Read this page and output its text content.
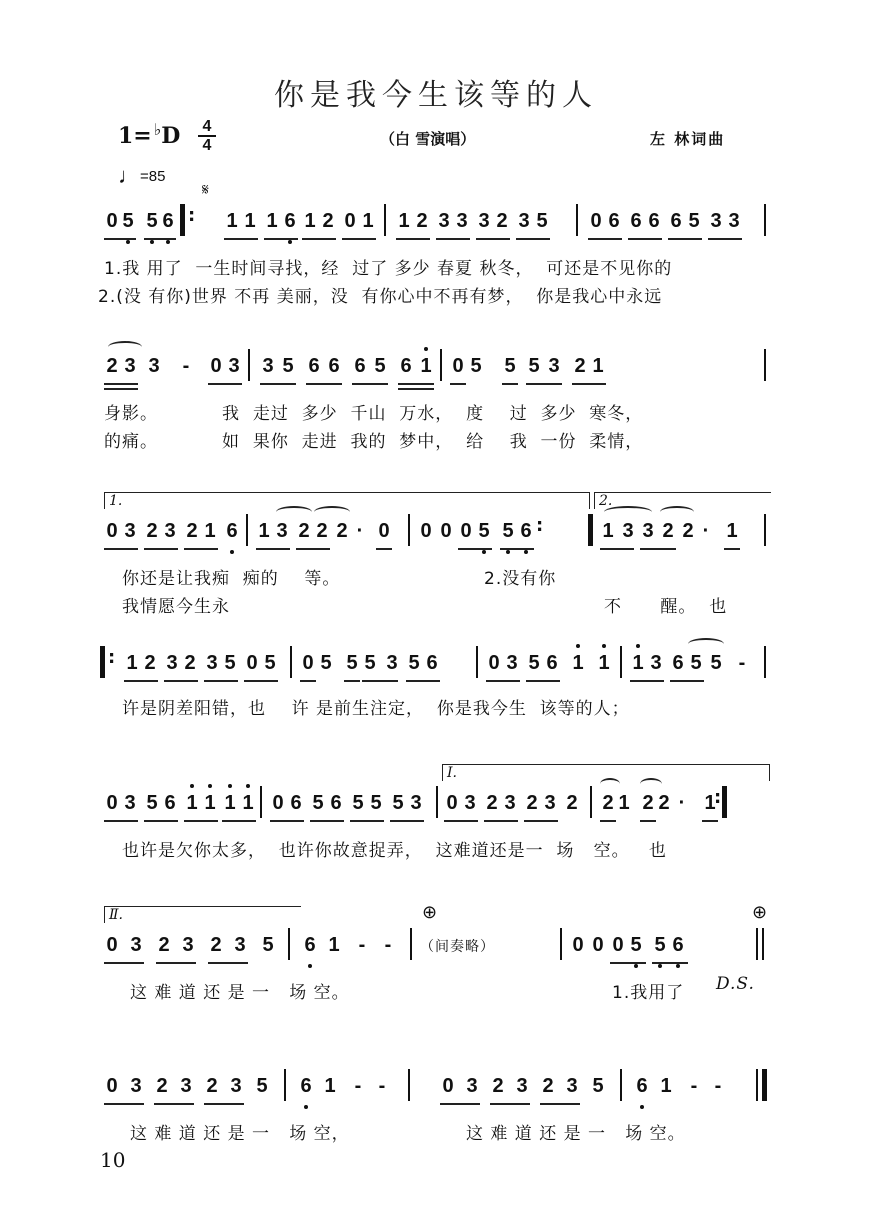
你是我今生该等的人
1= ♭D 4
4
♩=85
𝄋
（白 雪演唱）	左 林词曲
0 5 5 6	1 1 1 6 1 2 0 1 1 2 3 3 3 2 3 5 0 6 6 6 6 5 3 3
:
1.我 用了  一生时间寻找，经  过了 多少 春夏 秋冬，  可还是不见你的
2.(没 有你)世界 不再 美丽，没  有你心中不再有梦，  你是我心中永远
2 3 3 - 0 3 3 5 6 6 6 5 6 1 0 5 5 5 3 2 1
身影。          我  走过  多少  千山  万水，  度    过  多少  寒冬，
的痛。          如  果你  走进  我的  梦中，  给    我  一份  柔情，
0 3 2 3 2 1 6 1 3 2 2 2 · 0 0 0 0 5 5 6	1 3 3 2 2 · 1
:
1.	2.
你还是让我痴  痴的    等。	2.没有你
我情愿今生永	不      醒。  也
1 2 3 2 3 5 0 5 0 5 5 5 3 5 6	0 3 5 6 1 1 1 3 6 5 5 -
:
许是阴差阳错，也    许 是前生注定，  你是我今生  该等的人；
0 3 5 6 1 1 1 1 0 6 5 6 5 5 5 3 0 3 2 3 2 3 2 2 1 2 2 · 1
:
I.
也许是欠你太多，  也许你故意捉弄，  这难道还是一  场   空。   也
0 3 2 3 2 3 5 6 1 - -	0 0 0 5 5 6
Ⅱ.	⊕	⊕
（间奏略）
这 难 道 还 是 一   场 空。	1.我用了 D.S.
0 3 2 3 2 3 5 6 1 - -	0 3 2 3 2 3 5 6 1 - -
这 难 道 还 是 一   场 空，	这 难 道 还 是 一   场 空。
10
